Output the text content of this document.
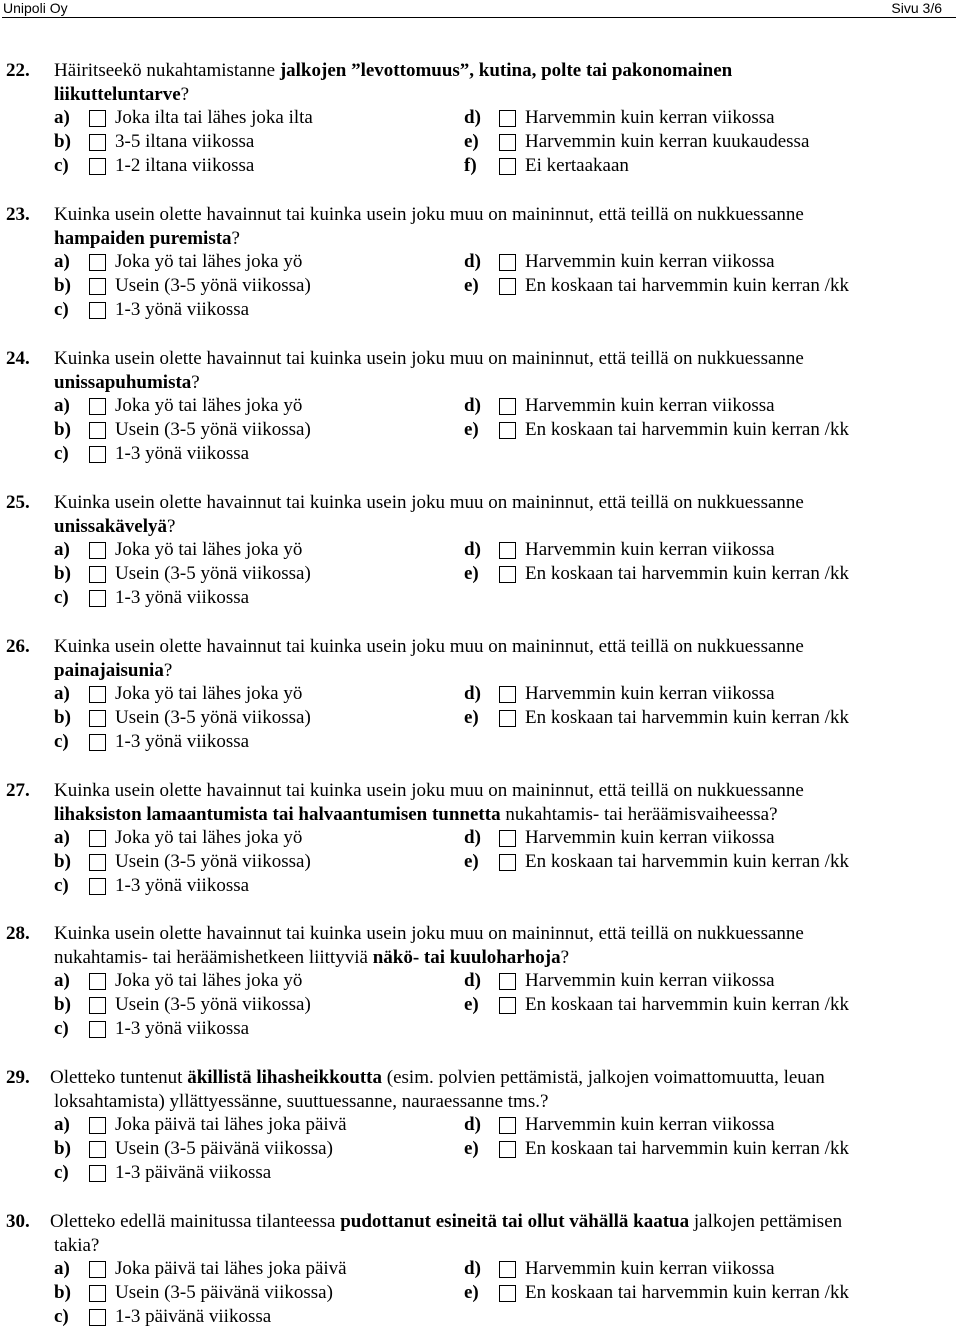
Unipoli Oy	Sivu 3/6
22. Häiritseekö nukahtamistanne jalkojen ”levottomuus”, kutina, polte tai pakonomainen
liikutteluntarve?
a) Joka ilta tai lähes joka ilta	d) Harvemmin kuin kerran viikossa
b) 3-5 iltana viikossa	e) Harvemmin kuin kerran kuukaudessa
c) 1-2 iltana viikossa	f)	Ei kertaakaan
23. Kuinka usein olette havainnut tai kuinka usein joku muu on maininnut, että teillä on nukkuessanne
hampaiden puremista?
a) Joka yö tai lähes joka yö	d) Harvemmin kuin kerran viikossa
b) Usein (3-5 yönä viikossa)	e) En koskaan tai harvemmin kuin kerran /kk
c) 1-3 yönä viikossa
24. Kuinka usein olette havainnut tai kuinka usein joku muu on maininnut, että teillä on nukkuessanne
unissapuhumista?
a) Joka yö tai lähes joka yö	d) Harvemmin kuin kerran viikossa
b) Usein (3-5 yönä viikossa)	e) En koskaan tai harvemmin kuin kerran /kk
c) 1-3 yönä viikossa
25. Kuinka usein olette havainnut tai kuinka usein joku muu on maininnut, että teillä on nukkuessanne
unissakävelyä?
a) Joka yö tai lähes joka yö	d) Harvemmin kuin kerran viikossa
b) Usein (3-5 yönä viikossa)	e) En koskaan tai harvemmin kuin kerran /kk
c) 1-3 yönä viikossa
26. Kuinka usein olette havainnut tai kuinka usein joku muu on maininnut, että teillä on nukkuessanne
painajaisunia?
a) Joka yö tai lähes joka yö	d) Harvemmin kuin kerran viikossa
b) Usein (3-5 yönä viikossa)	e) En koskaan tai harvemmin kuin kerran /kk
c) 1-3 yönä viikossa
27. Kuinka usein olette havainnut tai kuinka usein joku muu on maininnut, että teillä on nukkuessanne
lihaksiston lamaantumista tai halvaantumisen tunnetta nukahtamis- tai heräämisvaiheessa?
a) Joka yö tai lähes joka yö	d) Harvemmin kuin kerran viikossa
b) Usein (3-5 yönä viikossa)	e) En koskaan tai harvemmin kuin kerran /kk
c) 1-3 yönä viikossa
28. Kuinka usein olette havainnut tai kuinka usein joku muu on maininnut, että teillä on nukkuessanne
nukahtamis- tai heräämishetkeen liittyviä näkö- tai kuuloharhoja?
a) Joka yö tai lähes joka yö	d) Harvemmin kuin kerran viikossa
b) Usein (3-5 yönä viikossa)	e) En koskaan tai harvemmin kuin kerran /kk
c) 1-3 yönä viikossa
29. Oletteko tuntenut äkillistä lihasheikkoutta (esim. polvien pettämistä, jalkojen voimattomuutta, leuan
loksahtamista) yllättyessänne, suuttuessanne, nauraessanne tms.?
a) Joka päivä tai lähes joka päivä	d) Harvemmin kuin kerran viikossa
b) Usein (3-5 päivänä viikossa)	e) En koskaan tai harvemmin kuin kerran /kk
c) 1-3 päivänä viikossa
30. Oletteko edellä mainitussa tilanteessa pudottanut esineitä tai ollut vähällä kaatua jalkojen pettämisen
takia?
a) Joka päivä tai lähes joka päivä	d) Harvemmin kuin kerran viikossa
b) Usein (3-5 päivänä viikossa)	e) En koskaan tai harvemmin kuin kerran /kk
c) 1-3 päivänä viikossa
